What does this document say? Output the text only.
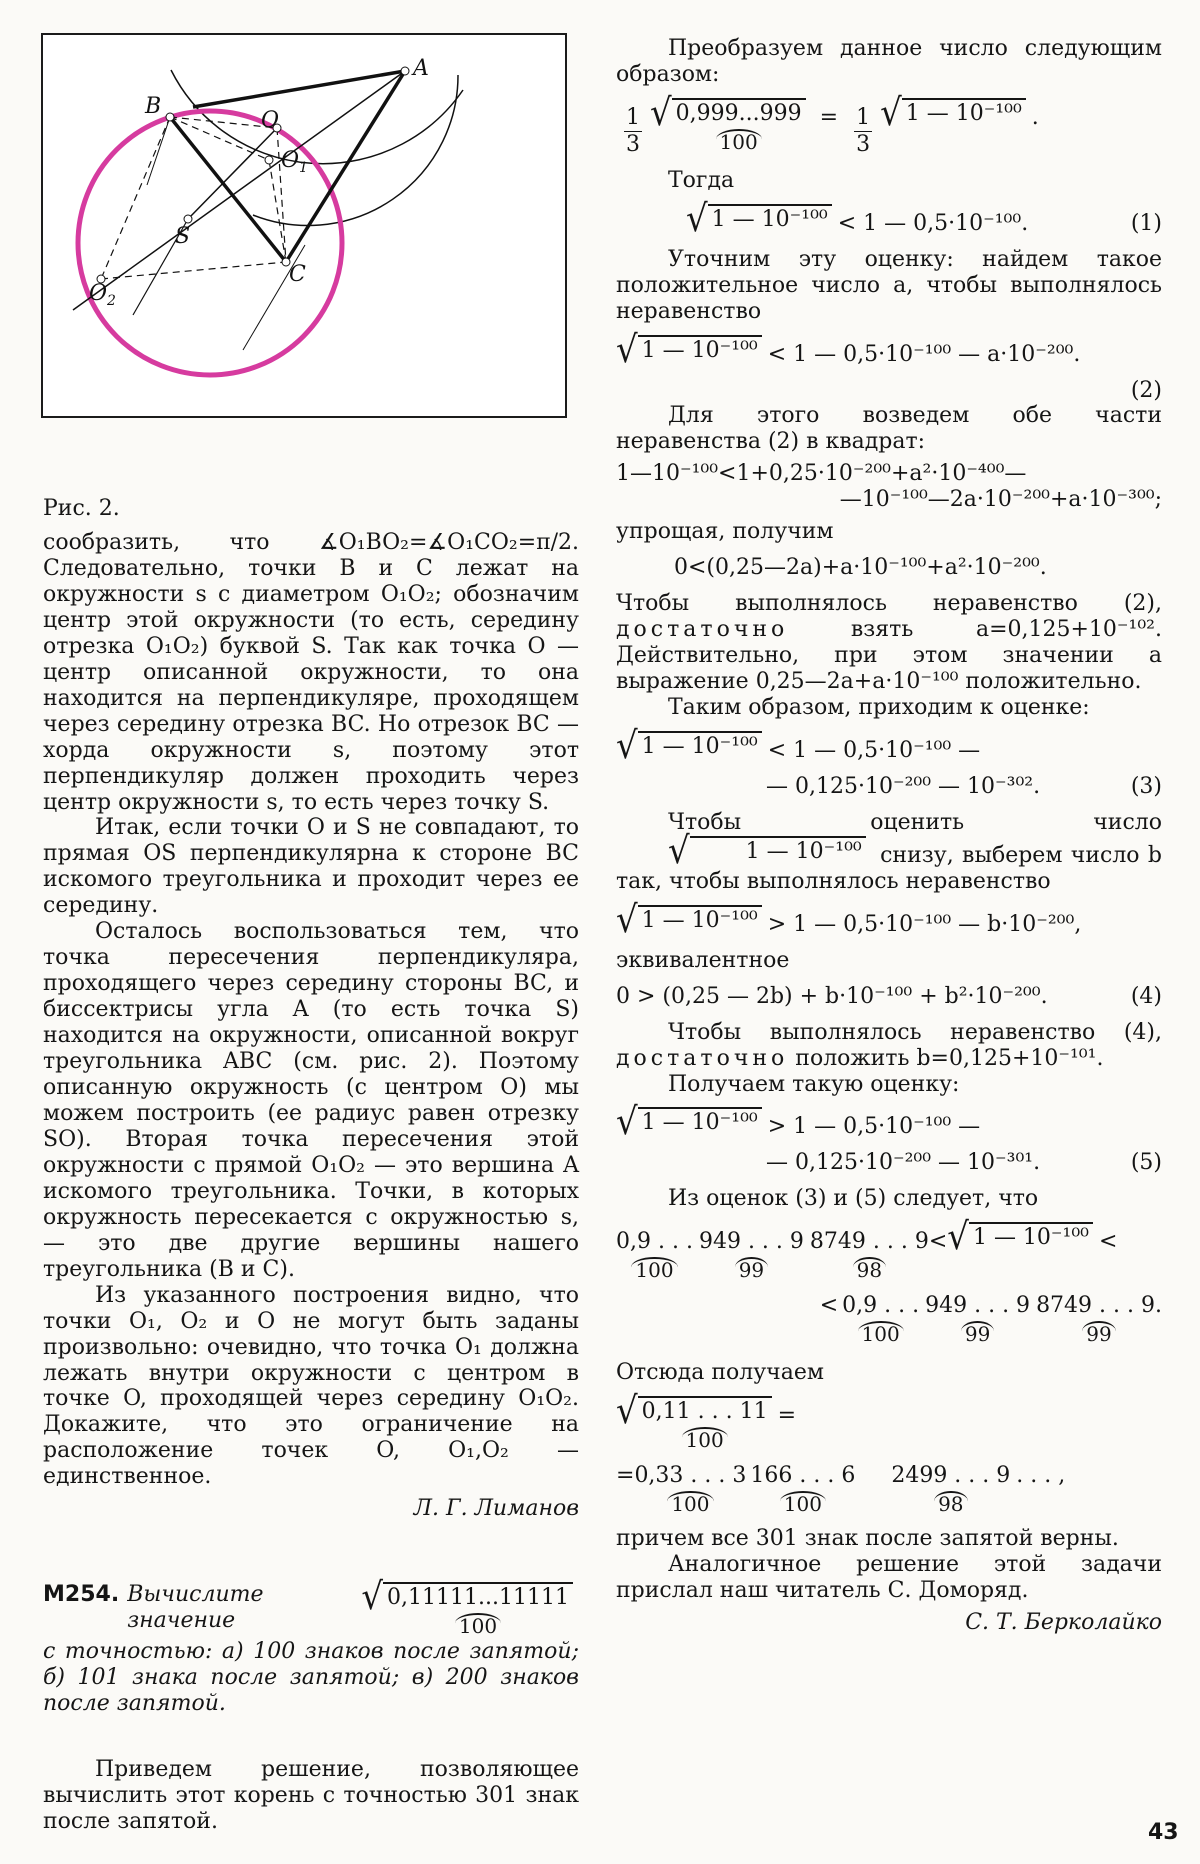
A
B
C
O
$O_1$
S
$O_2$
Рис. 2.

сообразить, что ∡O₁BO₂=∡O₁CO₂=π/2. Следовательно, точки B и C лежат на окружности s с диаметром O₁O₂; обозначим центр этой окружности (то есть, середину отрезка O₁O₂) буквой S. Так как точка O — центр описанной окружности, то она находится на перпендикуляре, проходящем через середину отрезка BC. Но отрезок BC — хорда окружности s, поэтому этот перпендикуляр должен проходить через центр окружности s, то есть через точку S.

Итак, если точки O и S не совпадают, то прямая OS перпендикулярна к стороне BC искомого треугольника и проходит через ее середину.

Осталось воспользоваться тем, что точка пересечения перпендикуляра, проходящего через середину стороны BC, и биссектрисы угла A (то есть точка S) находится на окружности, описанной вокруг треугольника ABC (см. рис. 2). Поэтому описанную окружность (с центром O) мы можем построить (ее радиус равен отрезку SO). Вторая точка пересечения этой окружности с прямой O₁O₂ — это вершина A искомого треугольника. Точки, в которых окружность пересекается с окружностью s, — это две другие вершины нашего треугольника (B и C).

Из указанного построения видно, что точки O₁, O₂ и O не могут быть заданы произвольно: очевидно, что точка O₁ должна лежать внутри окружности с центром в точке O, проходящей через середину O₁O₂. Докажите, что это ограничение на расположение точек O, O₁,O₂ — единственное.

Л. Г. Лиманов

М254. Вычислите значение
√ 0,11111...11111
100

с точностью: а) 100 знаков после запятой; б) 101 знака после запятой; в) 200 знаков после запятой.

Приведем решение, позволяющее вычислить этот корень с точностью 301 знак после запятой.

Преобразуем данное число следующим образом:

$\frac{1}{3}$ √ 0,999...999
100
= $\frac{1}{3}$ √ 1 — 10⁻¹⁰⁰ .

Тогда

√ 1 — 10⁻¹⁰⁰ < 1 — 0,5·10⁻¹⁰⁰.	(1)

Уточним эту оценку: найдем такое положительное число a, чтобы выполнялось неравенство

√ 1 — 10⁻¹⁰⁰ < 1 — 0,5·10⁻¹⁰⁰ — a·10⁻²⁰⁰.
(2)

Для этого возведем обе части неравенства (2) в квадрат:

1—10⁻¹⁰⁰<1+0,25·10⁻²⁰⁰+a²·10⁻⁴⁰⁰—
—10⁻¹⁰⁰—2a·10⁻²⁰⁰+a·10⁻³⁰⁰;

упрощая, получим

0<(0,25—2a)+a·10⁻¹⁰⁰+a²·10⁻²⁰⁰.

Чтобы выполнялось неравенство (2), достаточно	взять a=0,125+10⁻¹⁰². Действительно, при этом значении a выражение 0,25—2a+a·10⁻¹⁰⁰ положительно.

Таким образом, приходим к оценке:

√ 1 — 10⁻¹⁰⁰ < 1 — 0,5·10⁻¹⁰⁰ —
— 0,125·10⁻²⁰⁰ — 10⁻³⁰².	(3)

Чтобы оценить число
√	1 — 10⁻¹⁰⁰ снизу, выберем число b так, чтобы выполнялось неравенство

√ 1 — 10⁻¹⁰⁰ > 1 — 0,5·10⁻¹⁰⁰ — b·10⁻²⁰⁰,

эквивалентное

0 > (0,25 — 2b) + b·10⁻¹⁰⁰ + b²·10⁻²⁰⁰.	(4)

Чтобы выполнялось неравенство (4), достаточно положить b=0,125+10⁻¹⁰¹.

Получаем такую оценку:

√ 1 — 10⁻¹⁰⁰ > 1 — 0,5·10⁻¹⁰⁰ —
— 0,125·10⁻²⁰⁰ — 10⁻³⁰¹.	(5)

Из оценок (3) и (5) следует, что

0,9 . . .
100
949 . . . 9
99
8749 . . . 9
98
< √ 1 — 10⁻¹⁰⁰ <
< 0,9 . . .
100
949 . . . 9
99
8749 . . . 9.
99

Отсюда получаем

√ 0,11 . . . 11
100
=
= $\frac{0,33 . . . 3}{100} 166$ . . . 6
100
2499 . . . 9
98
. . . ,

причем все 301 знак после запятой верны.

Аналогичное решение этой задачи прислал наш читатель С. Доморяд.

С. Т. Берколайко

43
